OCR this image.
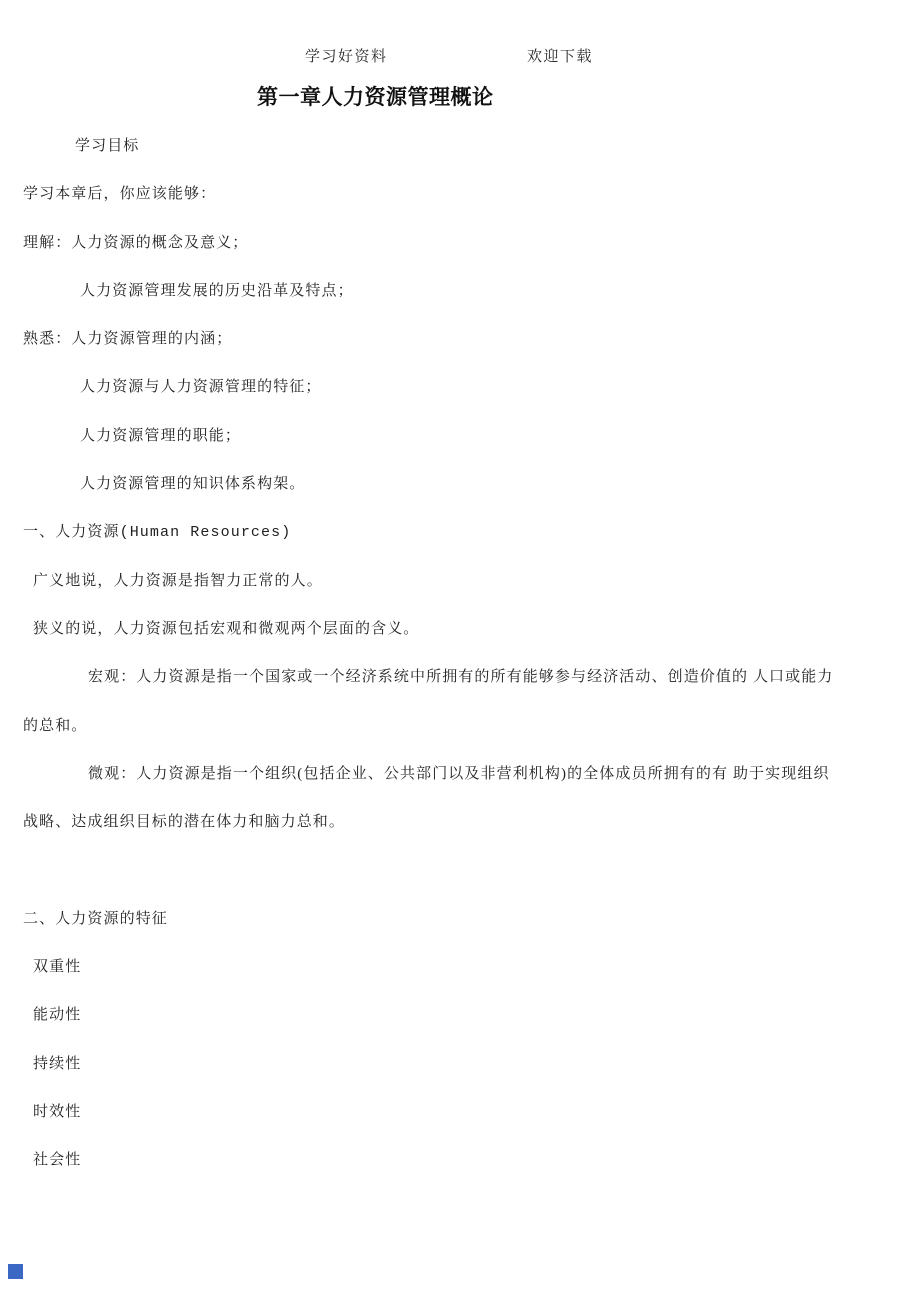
学习好资料	欢迎下载
第一章人力资源管理概论
学习目标
学习本章后，你应该能够：
理解：人力资源的概念及意义；
人力资源管理发展的历史沿革及特点；
熟悉：人力资源管理的内涵；
人力资源与人力资源管理的特征；
人力资源管理的职能；
人力资源管理的知识体系构架。
一、人力资源(Human Resources)
广义地说，人力资源是指智力正常的人。
狭义的说，人力资源包括宏观和微观两个层面的含义。
宏观：人力资源是指一个国家或一个经济系统中所拥有的所有能够参与经济活动、创造价值的 人口或能力
的总和。
微观：人力资源是指一个组织(包括企业、公共部门以及非营利机构)的全体成员所拥有的有 助于实现组织
战略、达成组织目标的潜在体力和脑力总和。
二、人力资源的特征
双重性
能动性
持续性
时效性
社会性
